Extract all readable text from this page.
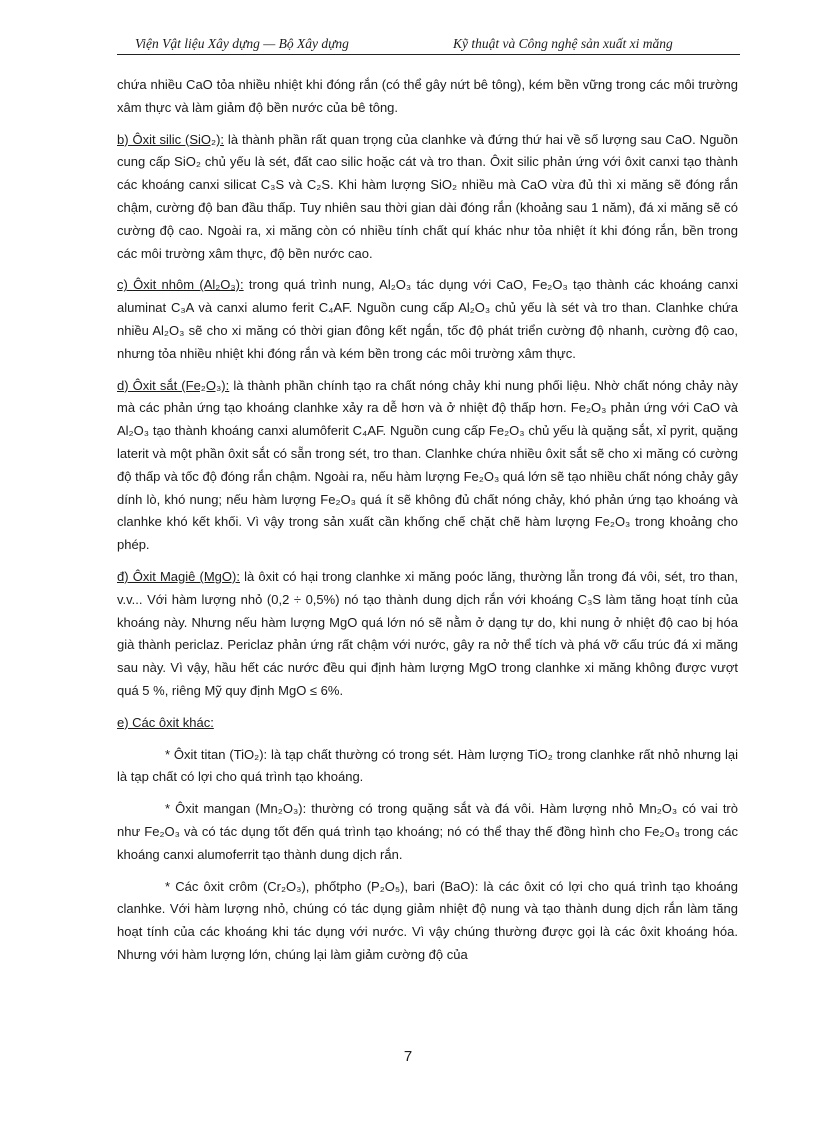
Viện Vật liệu Xây dựng — Bộ Xây dựng	Kỹ thuật và Công nghệ sản xuất xi măng

chứa nhiều CaO tỏa nhiều nhiệt khi đóng rắn (có thể gây nứt bê tông), kém bền vững trong các môi trường xâm thực và làm giảm độ bền nước của bê tông.

b) Ôxit silic (SiO₂): là thành phần rất quan trọng của clanhke và đứng thứ hai về số lượng sau CaO. Nguồn cung cấp SiO₂ chủ yếu là sét, đất cao silic hoặc cát và tro than. Ôxit silic phản ứng với ôxit canxi tạo thành các khoáng canxi silicat C₃S và C₂S. Khi hàm lượng SiO₂ nhiều mà CaO vừa đủ thì xi măng sẽ đóng rắn chậm, cường độ ban đầu thấp. Tuy nhiên sau thời gian dài đóng rắn (khoảng sau 1 năm), đá xi măng sẽ có cường độ cao. Ngoài ra, xi măng còn có nhiều tính chất quí khác như tỏa nhiệt ít khi đóng rắn, bền trong các môi trường xâm thực, độ bền nước cao.

c) Ôxit nhôm (Al₂O₃): trong quá trình nung, Al₂O₃ tác dụng với CaO, Fe₂O₃ tạo thành các khoáng canxi aluminat C₃A và canxi alumo ferit C₄AF. Nguồn cung cấp Al₂O₃ chủ yếu là sét và tro than. Clanhke chứa nhiều Al₂O₃ sẽ cho xi măng có thời gian đông kết ngắn, tốc độ phát triển cường độ nhanh, cường độ cao, nhưng tỏa nhiều nhiệt khi đóng rắn và kém bền trong các môi trường xâm thực.

d) Ôxit sắt (Fe₂O₃): là thành phần chính tạo ra chất nóng chảy khi nung phối liệu. Nhờ chất nóng chảy này mà các phản ứng tạo khoáng clanhke xảy ra dễ hơn và ở nhiệt độ thấp hơn. Fe₂O₃ phản ứng với CaO và Al₂O₃ tạo thành khoáng canxi alumôferit C₄AF. Nguồn cung cấp Fe₂O₃ chủ yếu là quặng sắt, xỉ pyrit, quặng laterit và một phần ôxit sắt có sẵn trong sét, tro than. Clanhke chứa nhiều ôxit sắt sẽ cho xi măng có cường độ thấp và tốc độ đóng rắn chậm. Ngoài ra, nếu hàm lượng Fe₂O₃ quá lớn sẽ tạo nhiều chất nóng chảy gây dính lò, khó nung; nếu hàm lượng Fe₂O₃ quá ít sẽ không đủ chất nóng chảy, khó phản ứng tạo khoáng và clanhke khó kết khối. Vì vậy trong sản xuất cần khống chế chặt chẽ hàm lượng Fe₂O₃ trong khoảng cho phép.

đ) Ôxit Magiê (MgO): là ôxit có hại trong clanhke xi măng poóc lăng, thường lẫn trong đá vôi, sét, tro than, v.v... Với hàm lượng nhỏ (0,2 ÷ 0,5%) nó tạo thành dung dịch rắn với khoáng C₃S làm tăng hoạt tính của khoáng này. Nhưng nếu hàm lượng MgO quá lớn nó sẽ nằm ở dạng tự do, khi nung ở nhiệt độ cao bị hóa già thành periclaz. Periclaz phản ứng rất chậm với nước, gây ra nở thể tích và phá vỡ cấu trúc đá xi măng sau này. Vì vậy, hầu hết các nước đều qui định hàm lượng MgO trong clanhke xi măng không được vượt quá 5 %, riêng Mỹ quy định MgO ≤ 6%.

e) Các ôxit khác:

* Ôxit titan (TiO₂): là tạp chất thường có trong sét. Hàm lượng TiO₂ trong clanhke rất nhỏ nhưng lại là tạp chất có lợi cho quá trình tạo khoáng.

* Ôxit mangan (Mn₂O₃): thường có trong quặng sắt và đá vôi. Hàm lượng nhỏ Mn₂O₃ có vai trò như Fe₂O₃ và có tác dụng tốt đến quá trình tạo khoáng; nó có thể thay thế đồng hình cho Fe₂O₃ trong các khoáng canxi alumoferrit tạo thành dung dịch rắn.

* Các ôxit crôm (Cr₂O₃), phốtpho (P₂O₅), bari (BaO): là các ôxit có lợi cho quá trình tạo khoáng clanhke. Với hàm lượng nhỏ, chúng có tác dụng giảm nhiệt độ nung và tạo thành dung dịch rắn làm tăng hoạt tính của các khoáng khi tác dụng với nước. Vì vậy chúng thường được gọi là các ôxit khoáng hóa. Nhưng với hàm lượng lớn, chúng lại làm giảm cường độ của

7
